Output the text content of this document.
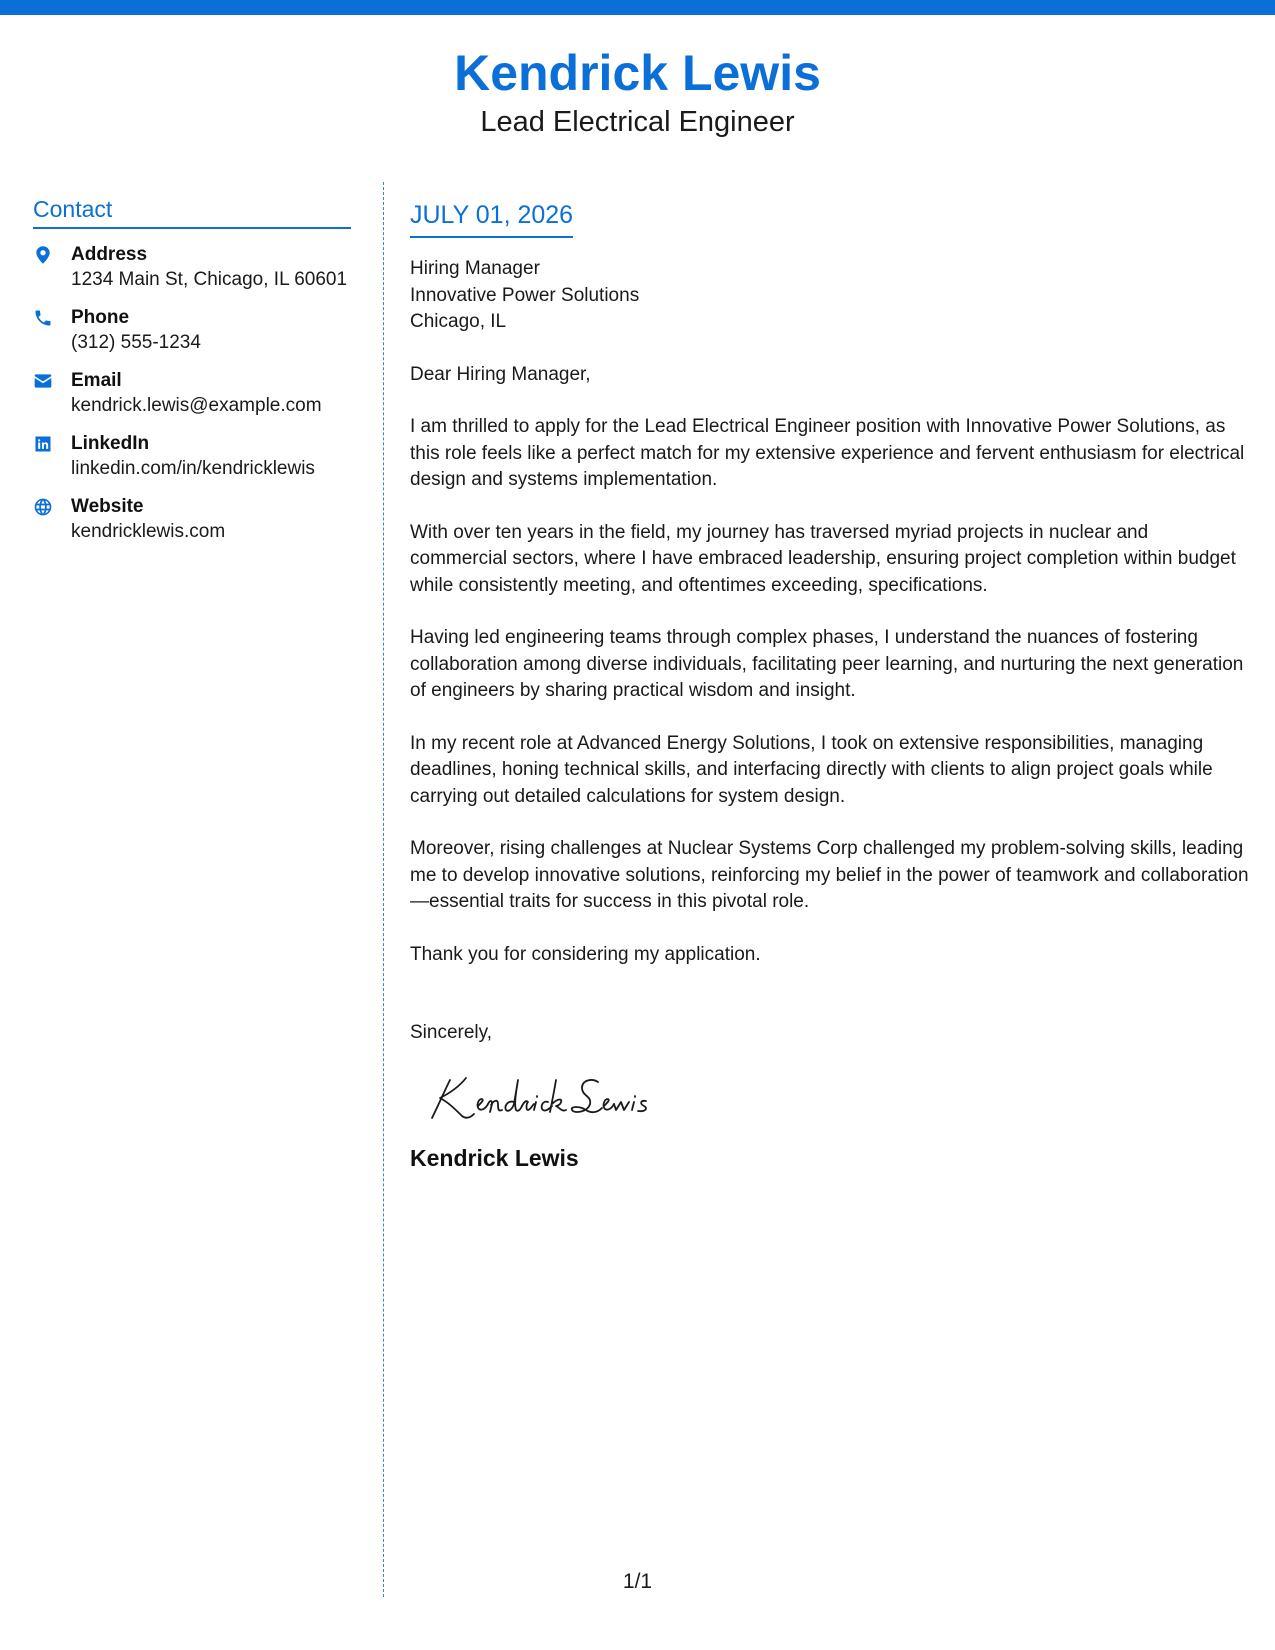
Kendrick Lewis
Lead Electrical Engineer
Contact
Address
1234 Main St, Chicago, IL 60601
Phone
(312) 555-1234
Email
kendrick.lewis@example.com
LinkedIn
linkedin.com/in/kendricklewis
Website
kendricklewis.com
JULY 01, 2026
Hiring Manager
Innovative Power Solutions
Chicago, IL

Dear Hiring Manager,

I am thrilled to apply for the Lead Electrical Engineer position with Innovative Power Solutions, as this role feels like a perfect match for my extensive experience and fervent enthusiasm for electrical design and systems implementation.

With over ten years in the field, my journey has traversed myriad projects in nuclear and commercial sectors, where I have embraced leadership, ensuring project completion within budget while consistently meeting, and oftentimes exceeding, specifications.

Having led engineering teams through complex phases, I understand the nuances of fostering collaboration among diverse individuals, facilitating peer learning, and nurturing the next generation of engineers by sharing practical wisdom and insight.

In my recent role at Advanced Energy Solutions, I took on extensive responsibilities, managing deadlines, honing technical skills, and interfacing directly with clients to align project goals while carrying out detailed calculations for system design.

Moreover, rising challenges at Nuclear Systems Corp challenged my problem-solving skills, leading me to develop innovative solutions, reinforcing my belief in the power of teamwork and collaboration—essential traits for success in this pivotal role.

Thank you for considering my application.

Sincerely,
Kendrick Lewis
1/1
